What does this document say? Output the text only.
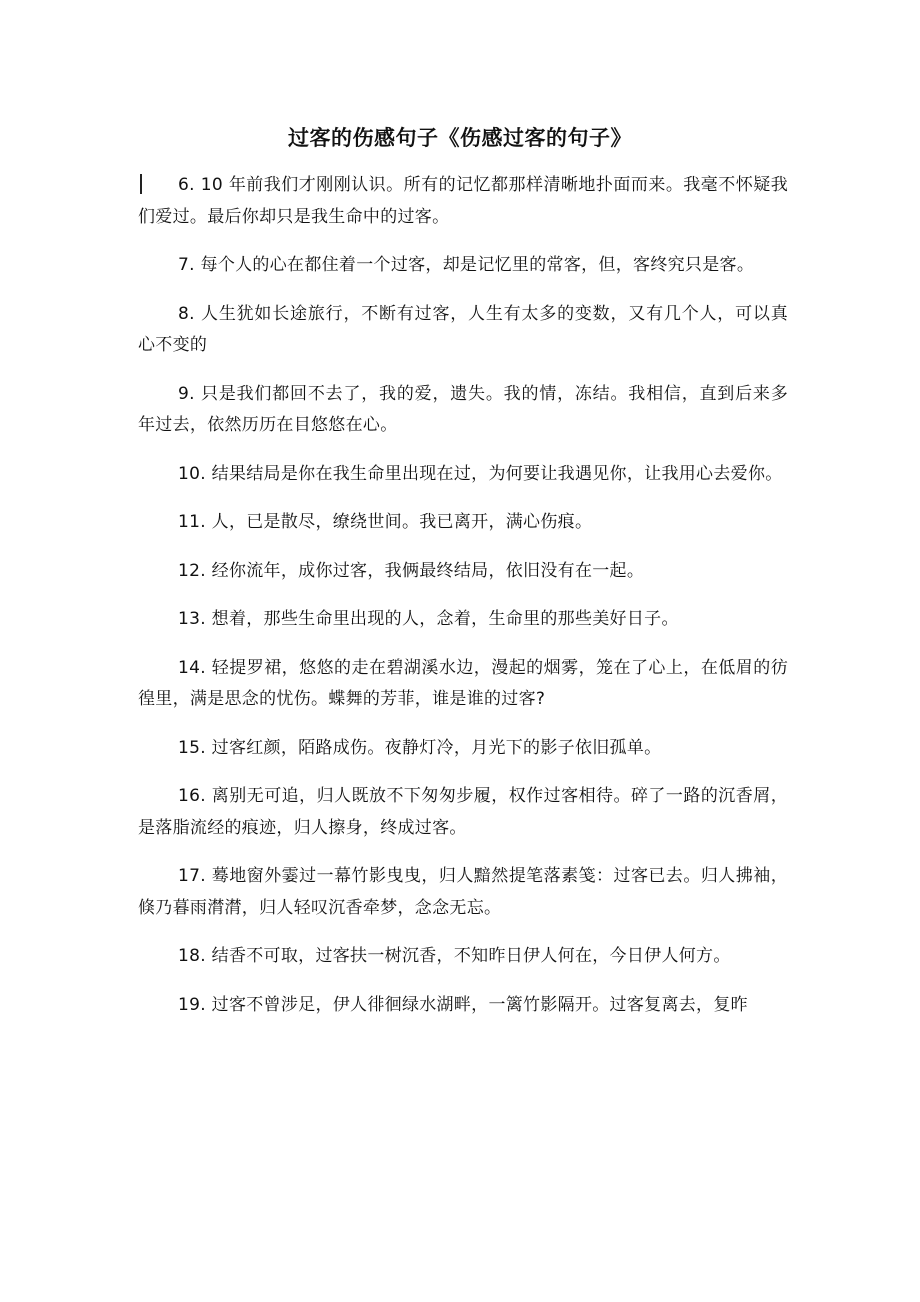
过客的伤感句子《伤感过客的句子》

6. 10 年前我们才刚刚认识。所有的记忆都那样清晰地扑面而来。我毫不怀疑我们爱过。最后你却只是我生命中的过客。

7. 每个人的心在都住着一个过客，却是记忆里的常客，但，客终究只是客。

8. 人生犹如长途旅行，不断有过客，人生有太多的变数，又有几个人，可以真心不变的

9. 只是我们都回不去了，我的爱，遗失。我的情，冻结。我相信，直到后来多年过去，依然历历在目悠悠在心。

10. 结果结局是你在我生命里出现在过，为何要让我遇见你，让我用心去爱你。

11. 人，已是散尽，缭绕世间。我已离开，满心伤痕。

12. 经你流年，成你过客，我俩最终结局，依旧没有在一起。

13. 想着，那些生命里出现的人，念着，生命里的那些美好日子。

14. 轻提罗裙，悠悠的走在碧湖溪水边，漫起的烟雾，笼在了心上，在低眉的彷徨里，满是思念的忧伤。蝶舞的芳菲，谁是谁的过客?

15. 过客红颜，陌路成伤。夜静灯冷，月光下的影子依旧孤单。

16. 离别无可追，归人既放不下匆匆步履，权作过客相待。碎了一路的沉香屑，是落脂流经的痕迹，归人擦身，终成过客。

17. 蓦地窗外霎过一幕竹影曳曳，归人黯然提笔落素笺：过客已去。归人拂袖，倏乃暮雨潸潸，归人轻叹沉香牵梦，念念无忘。

18. 结香不可取，过客扶一树沉香，不知昨日伊人何在，今日伊人何方。

19. 过客不曾涉足，伊人徘徊绿水湖畔，一篱竹影隔开。过客复离去，复昨
